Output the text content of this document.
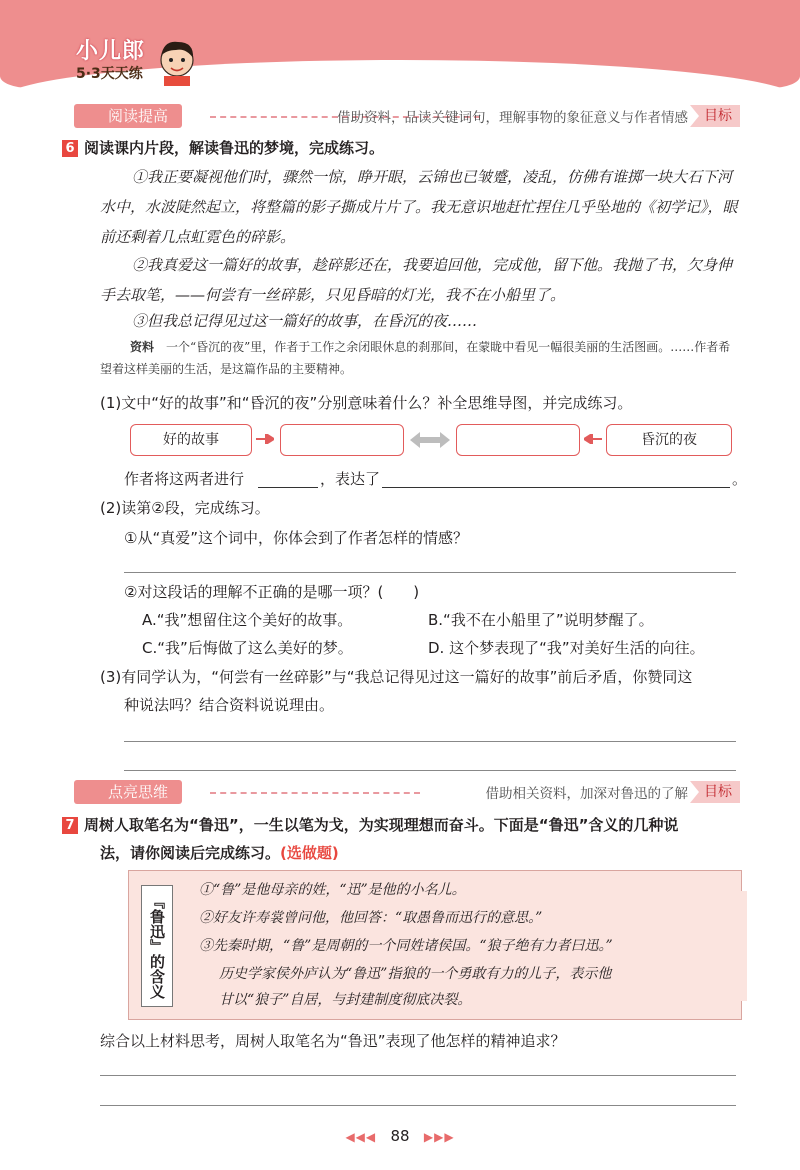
小儿郎
5·3天天练
阅读提高	借助资料，品读关键词句，理解事物的象征意义与作者情感	目标
6 阅读课内片段，解读鲁迅的梦境，完成练习。
①我正要凝视他们时，骤然一惊，睁开眼，云锦也已皱蹙，凌乱，仿佛有谁掷一块大石下河水中，水波陡然起立，将整篇的影子撕成片片了。我无意识地赶忙捏住几乎坠地的《初学记》，眼前还剩着几点虹霓色的碎影。
②我真爱这一篇好的故事，趁碎影还在，我要追回他，完成他，留下他。我抛了书，欠身伸手去取笔，——何尝有一丝碎影，只见昏暗的灯光，我不在小船里了。
③但我总记得见过这一篇好的故事，在昏沉的夜……
资料　 一个“昏沉的夜”里，作者于工作之余闭眼休息的刹那间，在蒙眬中看见一幅很美丽的生活图画。……作者希望着这样美丽的生活，是这篇作品的主要精神。
(1)文中“好的故事”和“昏沉的夜”分别意味着什么？补全思维导图，并完成练习。
好的故事	昏沉的夜
作者将这两者进行	，表达了	。
(2)读第②段，完成练习。
①从“真爱”这个词中，你体会到了作者怎样的情感？
②对这段话的理解不正确的是哪一项？(　　)
A.“我”想留住这个美好的故事。	B.“我不在小船里了”说明梦醒了。
C.“我”后悔做了这么美好的梦。	D. 这个梦表现了“我”对美好生活的向往。
(3)有同学认为，“何尝有一丝碎影”与“我总记得见过这一篇好的故事”前后矛盾，你赞同这
种说法吗？结合资料说说理由。
点亮思维	借助相关资料，加深对鲁迅的了解	目标
7 周树人取笔名为“鲁迅”，一生以笔为戈，为实现理想而奋斗。下面是“鲁迅”含义的几种说
法，请你阅读后完成练习。(选做题)
『鲁迅』的含义
①“鲁”是他母亲的姓，“迅”是他的小名儿。
②好友许寿裳曾问他，他回答：“取愚鲁而迅行的意思。”
③先秦时期，“鲁”是周朝的一个同姓诸侯国。“狼子绝有力者曰迅。”
历史学家侯外庐认为“鲁迅”指狼的一个勇敢有力的儿子，表示他
甘以“狼子”自居，与封建制度彻底决裂。
综合以上材料思考，周树人取笔名为“鲁迅”表现了他怎样的精神追求？
◀◀◀ 88 ▶▶▶
